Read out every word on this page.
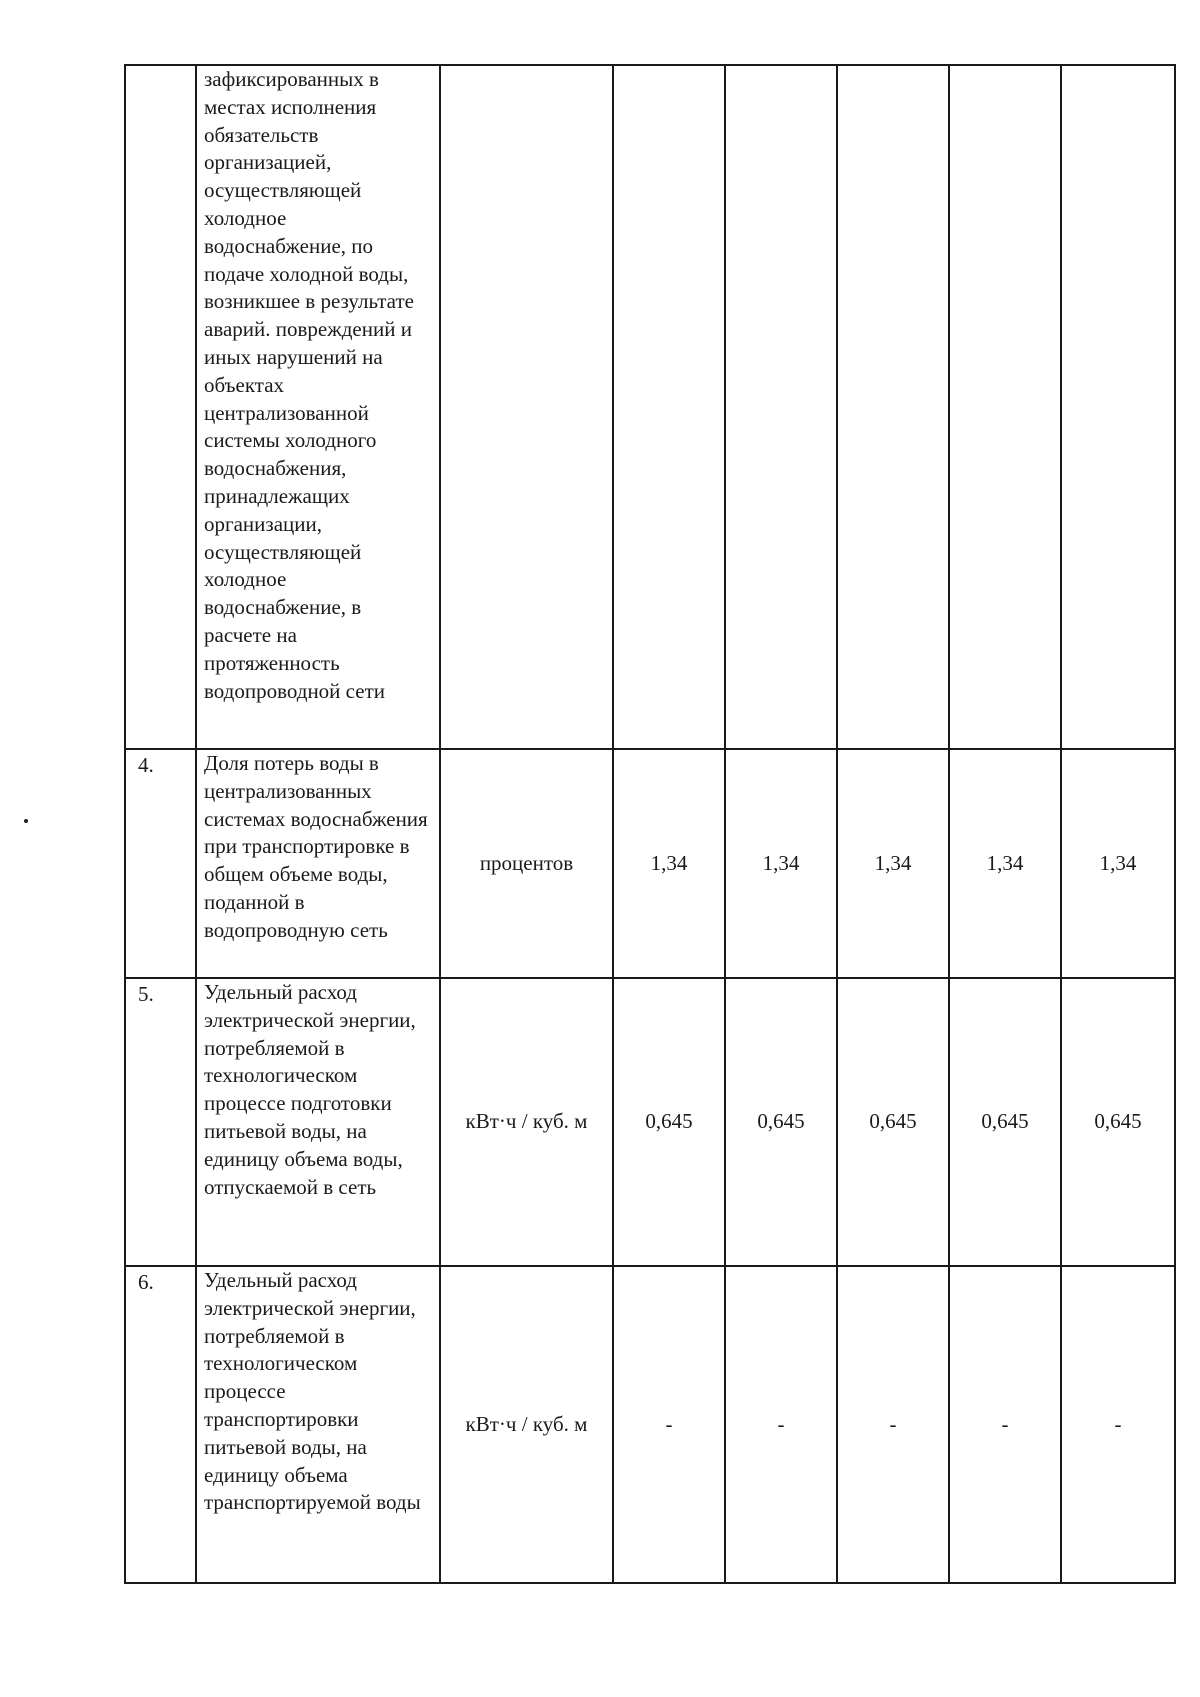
	зафиксированных в местах исполнения обязательств организацией, осуществляющей холодное водоснабжение, по подаче холодной воды, возникшее в результате аварий. повреждений и иных нарушений на объектах централизованной системы холодного водоснабжения, принадлежащих организации, осуществляющей холодное водоснабжение, в расчете на протяженность водопроводной сети						
4.	Доля потерь воды в централизованных системах водоснабжения при транспортировке в общем объеме воды, поданной в водопроводную сеть	процентов	1,34	1,34	1,34	1,34	1,34
5.	Удельный расход электрической энергии, потребляемой в технологическом процессе подготовки питьевой воды, на единицу объема воды, отпускаемой в сеть	кВт·ч / куб. м	0,645	0,645	0,645	0,645	0,645
6.	Удельный расход электрической энергии, потребляемой в технологическом процессе транспортировки питьевой воды, на единицу объема транспортируемой воды	кВт·ч / куб. м	-	-	-	-	-
